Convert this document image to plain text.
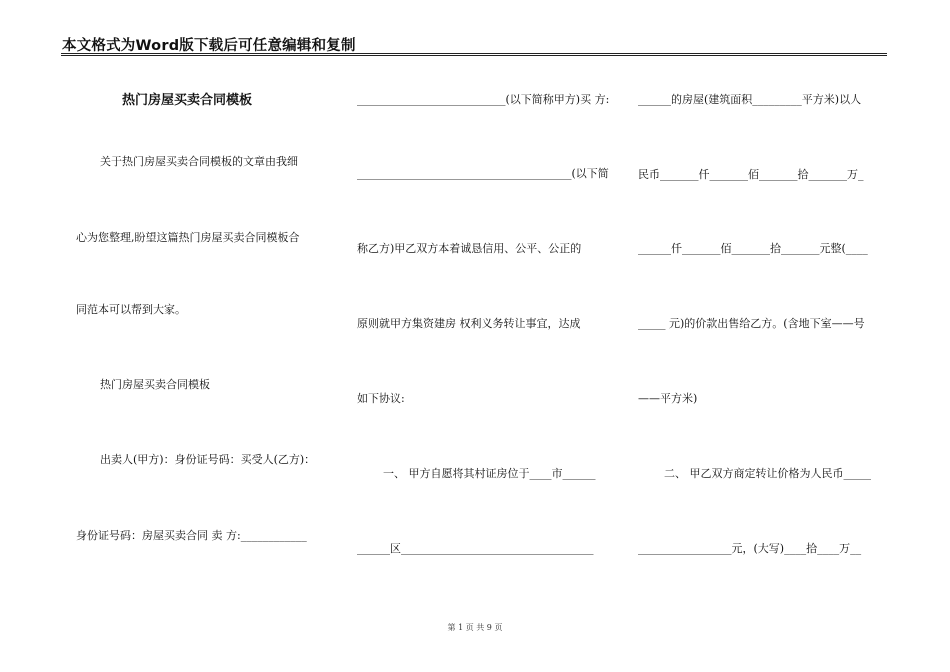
本文格式为Word版下载后可任意编辑和复制
热门房屋买卖合同模板
关于热门房屋买卖合同模板的文章由我细
心为您整理,盼望这篇热门房屋买卖合同模板合
同范本可以帮到大家。
热门房屋买卖合同模板
出卖人(甲方)：身份证号码：买受人(乙方)：
身份证号码：房屋买卖合同 卖 方:____________
___________________________(以下简称甲方)买 方:
_______________________________________(以下简
称乙方)甲乙双方本着诚恳信用、公平、公正的
原则就甲方集资建房 权利义务转让事宜，达成
如下协议:
一、 甲方自愿将其村证房位于____市______
______区___________________________________
______的房屋(建筑面积_________平方米)以人
民币_______仟_______佰_______拾_______万_
______仟_______佰_______拾_______元整(____
_____ 元)的价款出售给乙方。(含地下室——号
——平方米)
二、 甲乙双方商定转让价格为人民币_____
_________________元，(大写)____拾____万__
第 1 页 共 9 页
